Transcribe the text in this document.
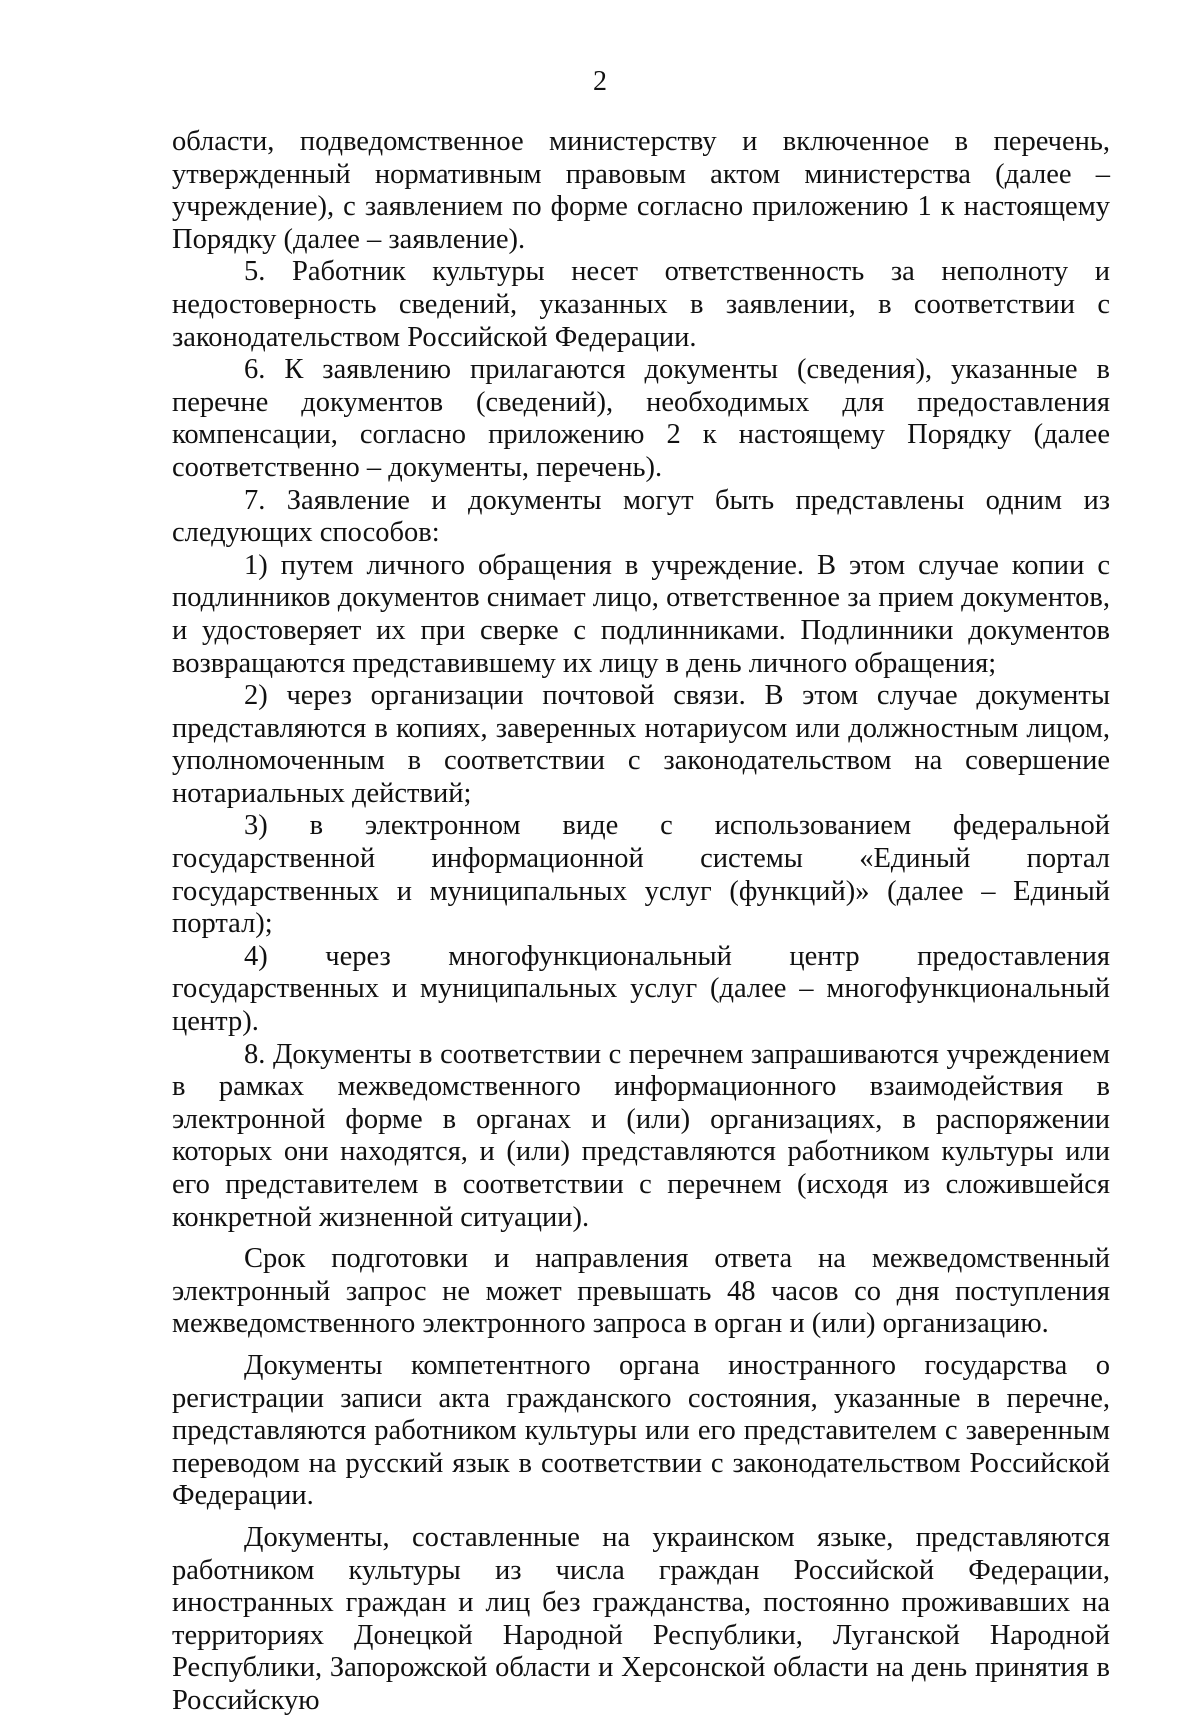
2

области, подведомственное министерству и включенное в перечень, утвержденный нормативным правовым актом министерства (далее – учреждение), с заявлением по форме согласно приложению 1 к настоящему Порядку (далее – заявление).

5. Работник культуры несет ответственность за неполноту и недостоверность сведений, указанных в заявлении, в соответствии с законодательством Российской Федерации.

6. К заявлению прилагаются документы (сведения), указанные в перечне документов (сведений), необходимых для предоставления компенсации, согласно приложению 2 к настоящему Порядку (далее соответственно – документы, перечень).

7. Заявление и документы могут быть представлены одним из следующих способов:

1) путем личного обращения в учреждение. В этом случае копии с подлинников документов снимает лицо, ответственное за прием документов, и удостоверяет их при сверке с подлинниками. Подлинники документов возвращаются представившему их лицу в день личного обращения;

2) через организации почтовой связи. В этом случае документы представляются в копиях, заверенных нотариусом или должностным лицом, уполномоченным в соответствии с законодательством на совершение нотариальных действий;

3) в электронном виде с использованием федеральной государственной информационной системы «Единый портал государственных и муниципальных услуг (функций)» (далее – Единый портал);

4) через многофункциональный центр предоставления государственных и муниципальных услуг (далее – многофункциональный центр).

8. Документы в соответствии с перечнем запрашиваются учреждением в рамках межведомственного информационного взаимодействия в электронной форме в органах и (или) организациях, в распоряжении которых они находятся, и (или) представляются работником культуры или его представителем в соответствии с перечнем (исходя из сложившейся конкретной жизненной ситуации).

Срок подготовки и направления ответа на межведомственный электронный запрос не может превышать 48 часов со дня поступления межведомственного электронного запроса в орган и (или) организацию.

Документы компетентного органа иностранного государства о регистрации записи акта гражданского состояния, указанные в перечне, представляются работником культуры или его представителем с заверенным переводом на русский язык в соответствии с законодательством Российской Федерации.

Документы, составленные на украинском языке, представляются работником культуры из числа граждан Российской Федерации, иностранных граждан и лиц без гражданства, постоянно проживавших на территориях Донецкой Народной Республики, Луганской Народной Республики, Запорожской области и Херсонской области на день принятия в Российскую
